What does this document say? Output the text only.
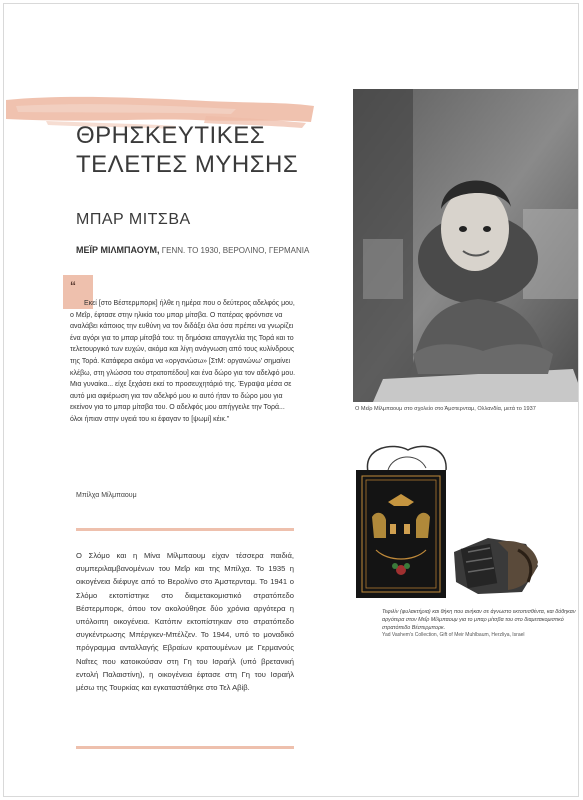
ΘΡΗΣΚΕΥΤΙΚΕΣ
ΤΕΛΕΤΕΣ ΜΥΗΣΗΣ
ΜΠΑΡ ΜΙΤΣΒΑ
ΜΕΪΡ ΜΙΛΜΠΑΟΥΜ, ΓΕΝΝ. ΤΟ 1930, ΒΕΡΟΛΙΝΟ, ΓΕΡΜΑΝΙΑ
“

Εκεί [στο Βέστερμπορκ] ήλθε η ημέρα που ο δεύτερος αδελφός μου, ο Μεΐρ, έφτασε στην ηλικία του μπαρ μίτσβα. Ο πατέρας φρόντισε να αναλάβει κάποιος την ευθύνη να τον διδάξει όλα όσα πρέπει να γνωρίζει ένα αγόρι για το μπαρ μίτσβά του: τη δημόσια απαγγελία της Τορά και το τελετουργικό των ευχών, ακόμα και λίγη ανάγνωση από τους κυλίνδρους της Τορά. Κατάφερα ακόμα να «οργανώσω» [ΣτΜ: οργανώνω' σημαίνει κλέβω, στη γλώσσα του στρατοπέδου] και ένα δώρο για τον αδελφό μου. Μια γυναίκα... είχε ξεχάσει εκεί το προσευχητάριό της. Έγραψα μέσα σε αυτό μια αφιέρωση για τον αδελφό μου κι αυτό ήταν το δώρο μου για εκείνον για το μπαρ μίτσβα του. Ο αδελφός μου απήγγειλε την Τορά... όλοι ήπιαν στην υγειά του κι έφαγαν το [ψωμί] κέικ.”

Μπίλχα Μίλμπαουμ

Ο Σλόμο και η Μίνα Μίλμπαουμ είχαν τέσσερα παιδιά, συμπεριλαμβανομένων του Μεΐρ και της Μπίλχα. Το 1935 η οικογένεια διέφυγε από το Βερολίνο στο Άμστερνταμ. Το 1941 ο Σλόμο εκτοπίστηκε στο διαμετακομιστικό στρατόπεδο Βέστερμπορκ, όπου τον ακολούθησε δύο χρόνια αργότερα η υπόλοιπη οικογένεια. Κατόπιν εκτοπίστηκαν στο στρατόπεδο συγκέντρωσης Μπέργκεν-Μπέλζεν. Το 1944, υπό το μοναδικό πρόγραμμα ανταλλαγής Εβραίων κρατουμένων με Γερμανούς Ναΐτες που κατοικούσαν στη Γη του Ισραήλ (υπό βρετανική εντολή Παλαιστίνη), η οικογένεια έφτασε στη Γη του Ισραήλ μέσω της Τουρκίας και εγκαταστάθηκε στο Τελ Αβίβ.

Ο Μεΐρ Μίλμπαουμ στο σχολείο στο Άμστερνταμ, Ολλανδία, μετά το 1937
Τεφιλίν (φυλακτήρια) και θήκη που ανήκαν σε άγνωστο εκτοπισθέντα, και δόθηκαν αργότερα στον Μεΐρ Μίλμπαουμ για το μπαρ μίτσβα του στο διαμετακομιστικό στρατόπεδο Βέστερμπορκ.
Yad Vashem's Collection, Gift of Meir Muhlbaum, Herzliya, Israel
